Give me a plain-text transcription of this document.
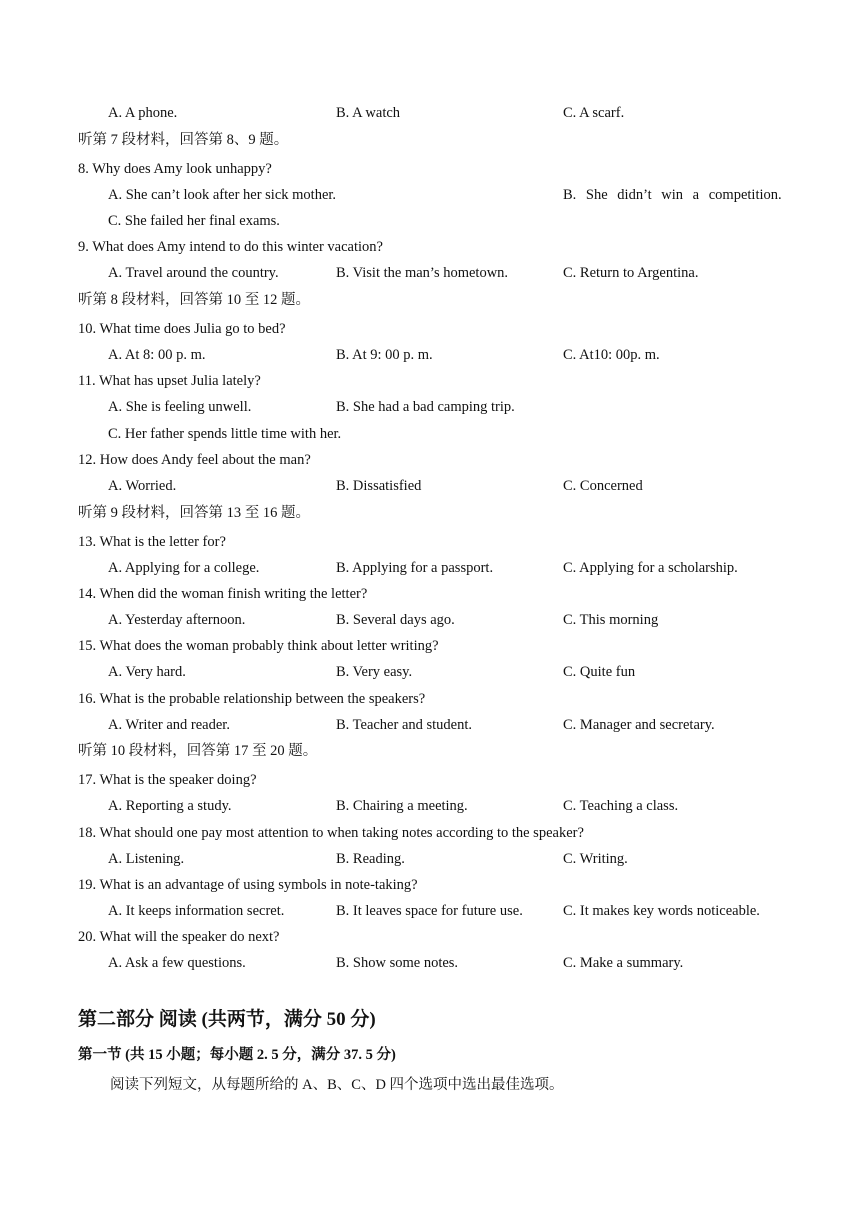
A. A phone.	B. A watch	C. A scarf.
听第 7 段材料，回答第 8、9 题。
8. Why does Amy look unhappy?
A. She can’t look after her sick mother.	B. She didn’t win a competition.
C. She failed her final exams.
9. What does Amy intend to do this winter vacation?
A. Travel around the country.	B. Visit the man’s hometown.	C. Return to Argentina.
听第 8 段材料，回答第 10 至 12 题。
10. What time does Julia go to bed?
A. At 8: 00 p. m.	B. At 9: 00 p. m.	C. At10: 00p. m.
11. What has upset Julia lately?
A. She is feeling unwell.	B. She had a bad camping trip.
C. Her father spends little time with her.
12. How does Andy feel about the man?
A. Worried.	B. Dissatisfied	C. Concerned
听第 9 段材料，回答第 13 至 16 题。
13. What is the letter for?
A. Applying for a college.	B. Applying for a passport.	C. Applying for a scholarship.
14. When did the woman finish writing the letter?
A. Yesterday afternoon.	B. Several days ago.	C. This morning
15. What does the woman probably think about letter writing?
A. Very hard.	B. Very easy.	C. Quite fun
16. What is the probable relationship between the speakers?
A. Writer and reader.	B. Teacher and student.	C. Manager and secretary.
听第 10 段材料，回答第 17 至 20 题。
17. What is the speaker doing?
A. Reporting a study.	B. Chairing a meeting.	C. Teaching a class.
18. What should one pay most attention to when taking notes according to the speaker?
A. Listening.	B. Reading.	C. Writing.
19. What is an advantage of using symbols in note-taking?
A. It keeps information secret.	B. It leaves space for future use.	C. It makes key words noticeable.
20. What will the speaker do next?
A. Ask a few questions.	B. Show some notes.	C. Make a summary.
第二部分 阅读 (共两节，满分 50 分)
第一节 (共 15 小题；每小题 2. 5 分，满分 37. 5 分)
阅读下列短文，从每题所给的 A、B、C、D 四个选项中选出最佳选项。
